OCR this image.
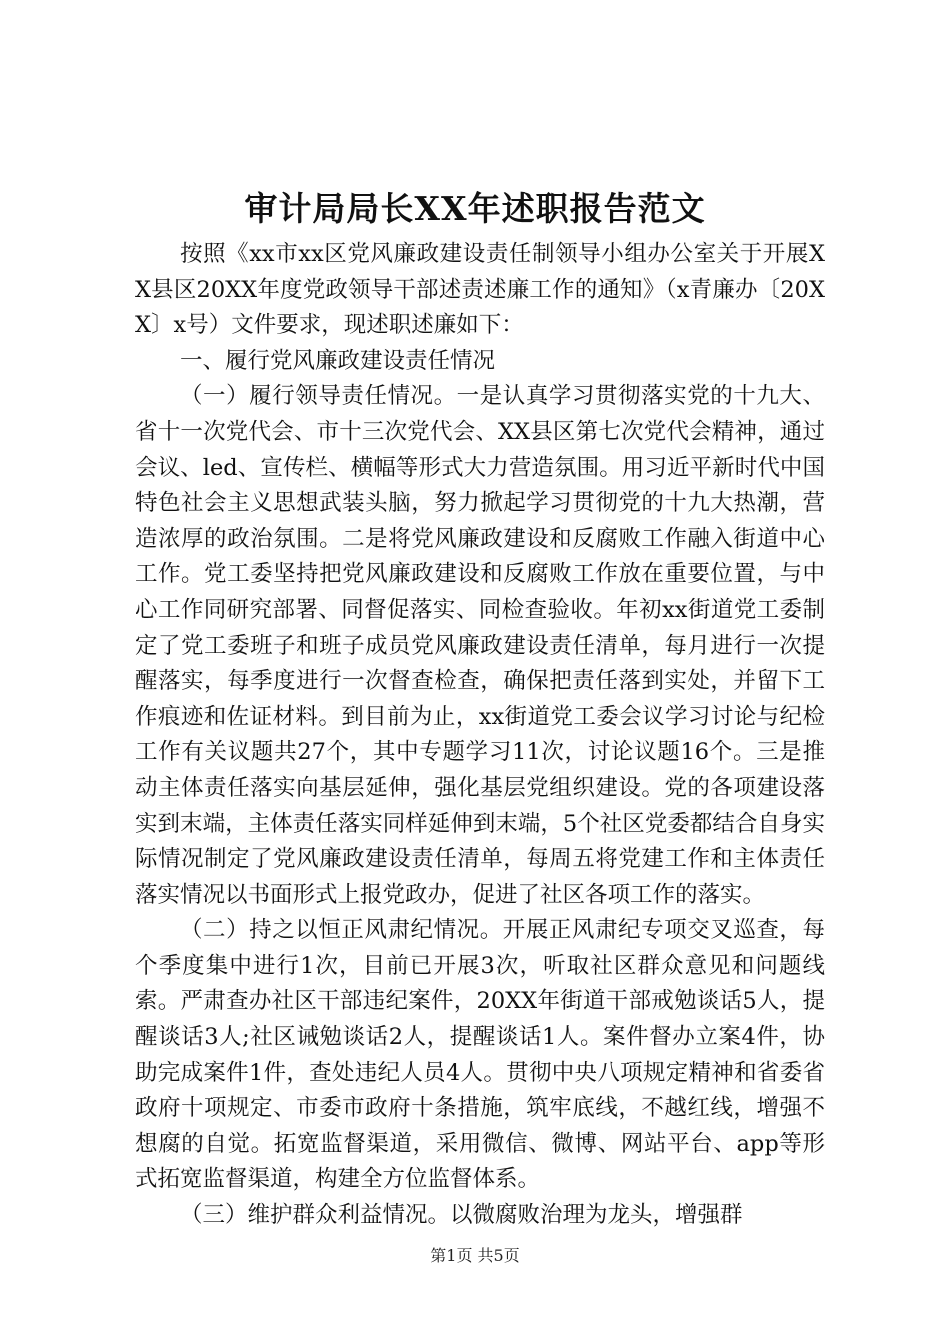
审计局局长XX年述职报告范文

按照《xx市xx区党风廉政建设责任制领导小组办公室关于开展XX县区20XX年度党政领导干部述责述廉工作的通知》（x青廉办〔20XX〕x号）文件要求，现述职述廉如下：

一、履行党风廉政建设责任情况

（一）履行领导责任情况。一是认真学习贯彻落实党的十九大、省十一次党代会、市十三次党代会、XX县区第七次党代会精神，通过会议、led、宣传栏、横幅等形式大力营造氛围。用习近平新时代中国特色社会主义思想武装头脑，努力掀起学习贯彻党的十九大热潮，营造浓厚的政治氛围。二是将党风廉政建设和反腐败工作融入街道中心工作。党工委坚持把党风廉政建设和反腐败工作放在重要位置，与中心工作同研究部署、同督促落实、同检查验收。年初xx街道党工委制定了党工委班子和班子成员党风廉政建设责任清单，每月进行一次提醒落实，每季度进行一次督查检查，确保把责任落到实处，并留下工作痕迹和佐证材料。到目前为止，xx街道党工委会议学习讨论与纪检工作有关议题共27个，其中专题学习11次，讨论议题16个。三是推动主体责任落实向基层延伸，强化基层党组织建设。党的各项建设落实到末端，主体责任落实同样延伸到末端，5个社区党委都结合自身实际情况制定了党风廉政建设责任清单，每周五将党建工作和主体责任落实情况以书面形式上报党政办，促进了社区各项工作的落实。

（二）持之以恒正风肃纪情况。开展正风肃纪专项交叉巡查，每个季度集中进行1次，目前已开展3次，听取社区群众意见和问题线索。严肃查办社区干部违纪案件，20XX年街道干部戒勉谈话5人，提醒谈话3人;社区诫勉谈话2人，提醒谈话1人。案件督办立案4件，协助完成案件1件，查处违纪人员4人。贯彻中央八项规定精神和省委省政府十项规定、市委市政府十条措施，筑牢底线，不越红线，增强不想腐的自觉。拓宽监督渠道，采用微信、微博、网站平台、app等形式拓宽监督渠道，构建全方位监督体系。

（三）维护群众利益情况。以微腐败治理为龙头，增强群

第1页 共5页
